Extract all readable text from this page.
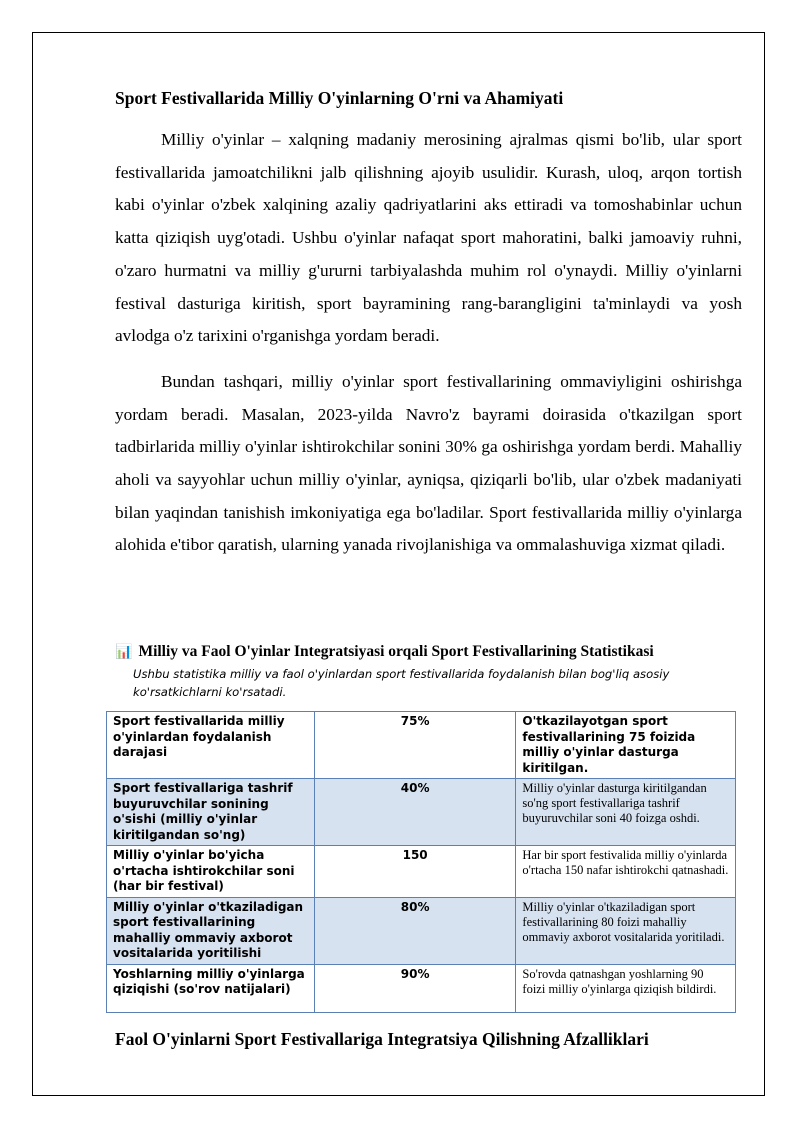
Sport Festivallarida Milliy O'yinlarning O'rni va Ahamiyati

Milliy o'yinlar – xalqning madaniy merosining ajralmas qismi bo'lib, ular sport festivallarida jamoatchilikni jalb qilishning ajoyib usulidir. Kurash, uloq, arqon tortish kabi o'yinlar o'zbek xalqining azaliy qadriyatlarini aks ettiradi va tomoshabinlar uchun katta qiziqish uyg'otadi. Ushbu o'yinlar nafaqat sport mahoratini, balki jamoaviy ruhni, o'zaro hurmatni va milliy g'ururni tarbiyalashda muhim rol o'ynaydi. Milliy o'yinlarni festival dasturiga kiritish, sport bayramining rang-barangligini ta'minlaydi va yosh avlodga o'z tarixini o'rganishga yordam beradi.

Bundan tashqari, milliy o'yinlar sport festivallarining ommaviyligini oshirishga yordam beradi. Masalan, 2023-yilda Navro'z bayrami doirasida o'tkazilgan sport tadbirlarida milliy o'yinlar ishtirokchilar sonini 30% ga oshirishga yordam berdi. Mahalliy aholi va sayyohlar uchun milliy o'yinlar, ayniqsa, qiziqarli bo'lib, ular o'zbek madaniyati bilan yaqindan tanishish imkoniyatiga ega bo'ladilar. Sport festivallarida milliy o'yinlarga alohida e'tibor qaratish, ularning yanada rivojlanishiga va ommalashuviga xizmat qiladi.

📊 Milliy va Faol O'yinlar Integratsiyasi orqali Sport Festivallarining Statistikasi
Ushbu statistika milliy va faol o'yinlardan sport festivallarida foydalanish bilan bog'liq asosiy ko'rsatkichlarni ko'rsatadi.
Sport festivallarida milliy o'yinlardan foydalanish darajasi	75%	O'tkazilayotgan sport festivallarining 75 foizida milliy o'yinlar dasturga kiritilgan.
Sport festivallariga tashrif buyuruvchilar sonining o'sishi (milliy o'yinlar kiritilgandan so'ng)	40%	Milliy o'yinlar dasturga kiritilgandan so'ng sport festivallariga tashrif buyuruvchilar soni 40 foizga oshdi.
Milliy o'yinlar bo'yicha o'rtacha ishtirokchilar soni (har bir festival)	150	Har bir sport festivalida milliy o'yinlarda o'rtacha 150 nafar ishtirokchi qatnashadi.
Milliy o'yinlar o'tkaziladigan sport festivallarining mahalliy ommaviy axborot vositalarida yoritilishi	80%	Milliy o'yinlar o'tkaziladigan sport festivallarining 80 foizi mahalliy ommaviy axborot vositalarida yoritiladi.
Yoshlarning milliy o'yinlarga qiziqishi (so'rov natijalari)	90%	So'rovda qatnashgan yoshlarning 90 foizi milliy o'yinlarga qiziqish bildirdi.
Faol O'yinlarni Sport Festivallariga Integratsiya Qilishning Afzalliklari
